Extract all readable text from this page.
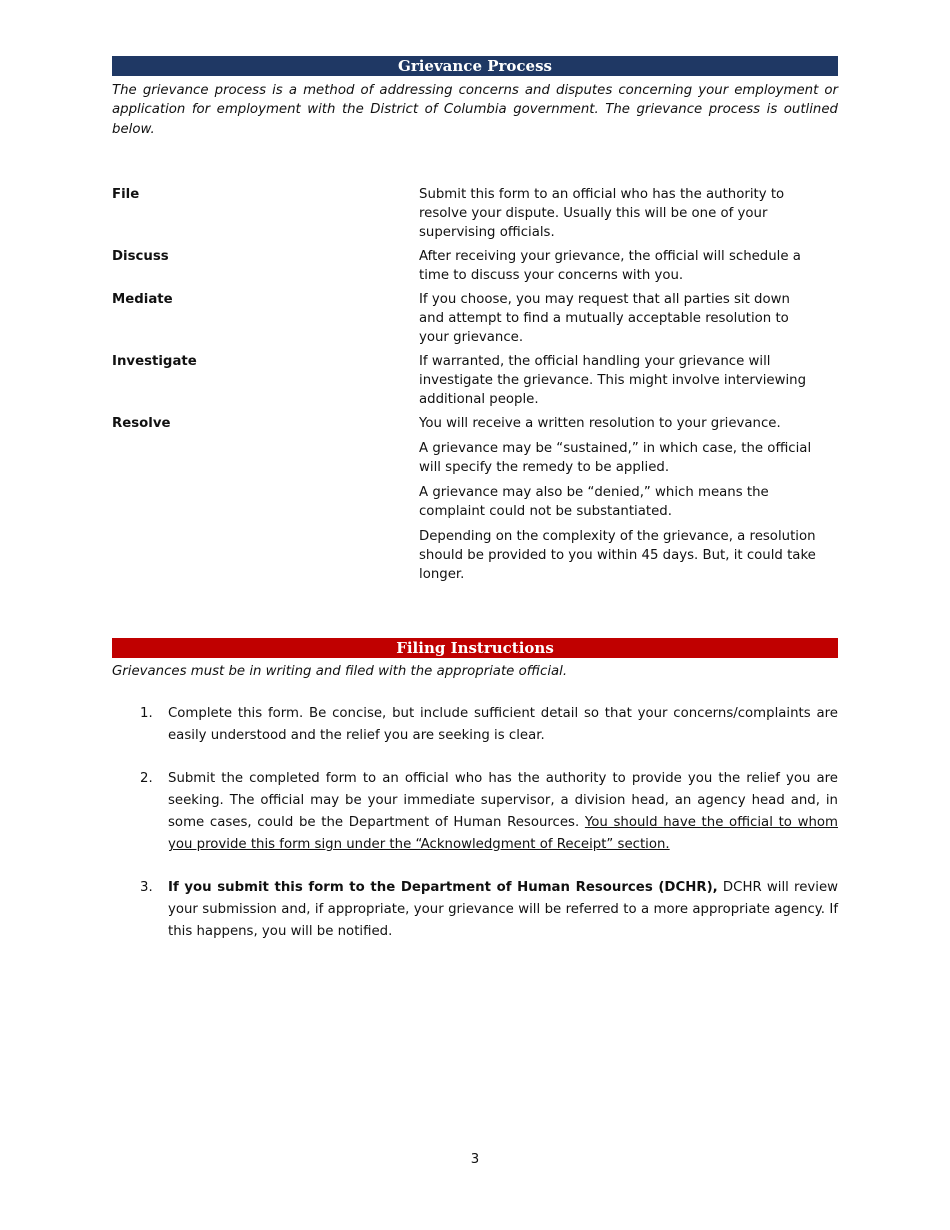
Grievance Process

The grievance process is a method of addressing concerns and disputes concerning your employment or application for employment with the District of Columbia government. The grievance process is outlined below.

File	Submit this form to an official who has the authority to resolve your dispute. Usually this will be one of your supervising officials.

Discuss	After receiving your grievance, the official will schedule a time to discuss your concerns with you.

Mediate	If you choose, you may request that all parties sit down and attempt to find a mutually acceptable resolution to your grievance.

Investigate	If warranted, the official handling your grievance will investigate the grievance. This might involve interviewing additional people.

Resolve	You will receive a written resolution to your grievance.

A grievance may be “sustained,” in which case, the official will specify the remedy to be applied.

A grievance may also be “denied,” which means the complaint could not be substantiated.

Depending on the complexity of the grievance, a resolution should be provided to you within 45 days. But, it could take longer.

Filing Instructions
Grievances must be in writing and filed with the appropriate official.
1.	Complete this form. Be concise, but include sufficient detail so that your concerns/complaints are easily understood and the relief you are seeking is clear.
2.	Submit the completed form to an official who has the authority to provide you the relief you are seeking. The official may be your immediate supervisor, a division head, an agency head and, in some cases, could be the Department of Human Resources. You should have the official to whom you provide this form sign under the “Acknowledgment of Receipt” section.
3.	If you submit this form to the Department of Human Resources (DCHR), DCHR will review your submission and, if appropriate, your grievance will be referred to a more appropriate agency. If this happens, you will be notified.
3
